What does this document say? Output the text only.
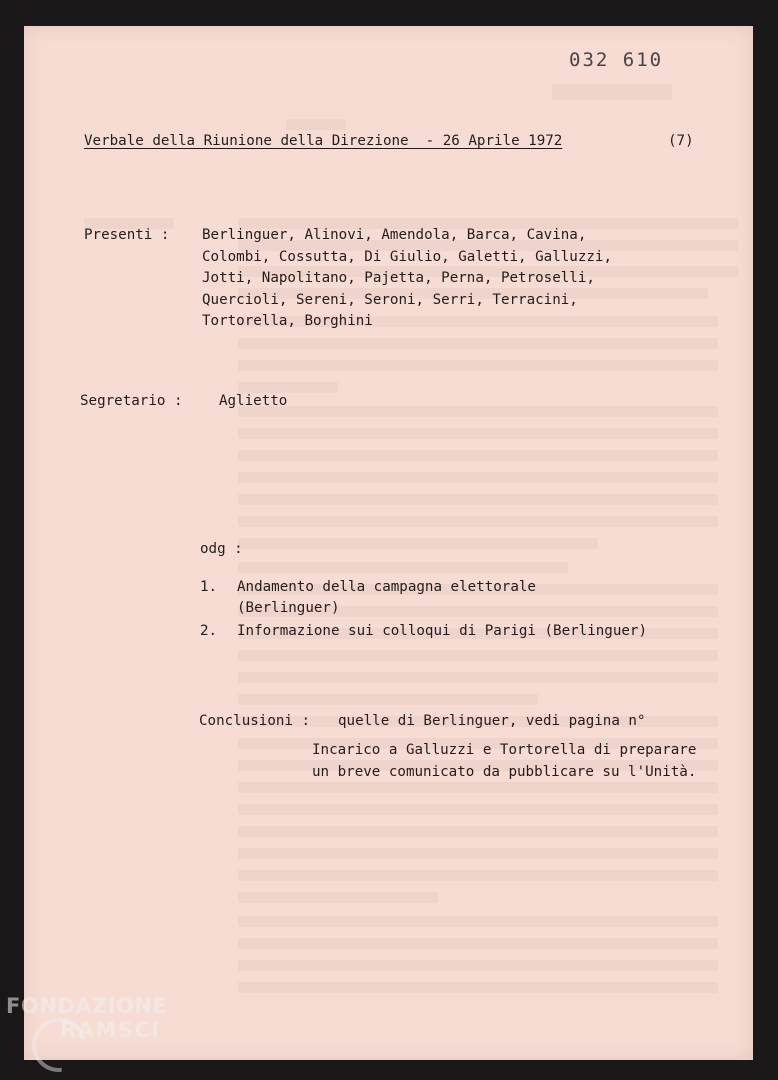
032 610
Verbale della Riunione della Direzione  - 26 Aprile 1972	(7)
Presenti : Berlinguer, Alinovi, Amendola, Barca, Cavina,
Colombi, Cossutta, Di Giulio, Galetti, Galluzzi,
Jotti, Napolitano, Pajetta, Perna, Petroselli,
Quercioli, Sereni, Seroni, Serri, Terracini,
Tortorella, Borghini
Segretario :	Aglietto
odg :
1. Andamento della campagna elettorale
(Berlinguer)
2. Informazione sui colloqui di Parigi (Berlinguer)
Conclusioni : quelle di Berlinguer, vedi pagina n°
Incarico a Galluzzi e Tortorella di preparare
un breve comunicato da pubblicare su l'Unità.
FONDAZIONE
RAMSCI
onlus
